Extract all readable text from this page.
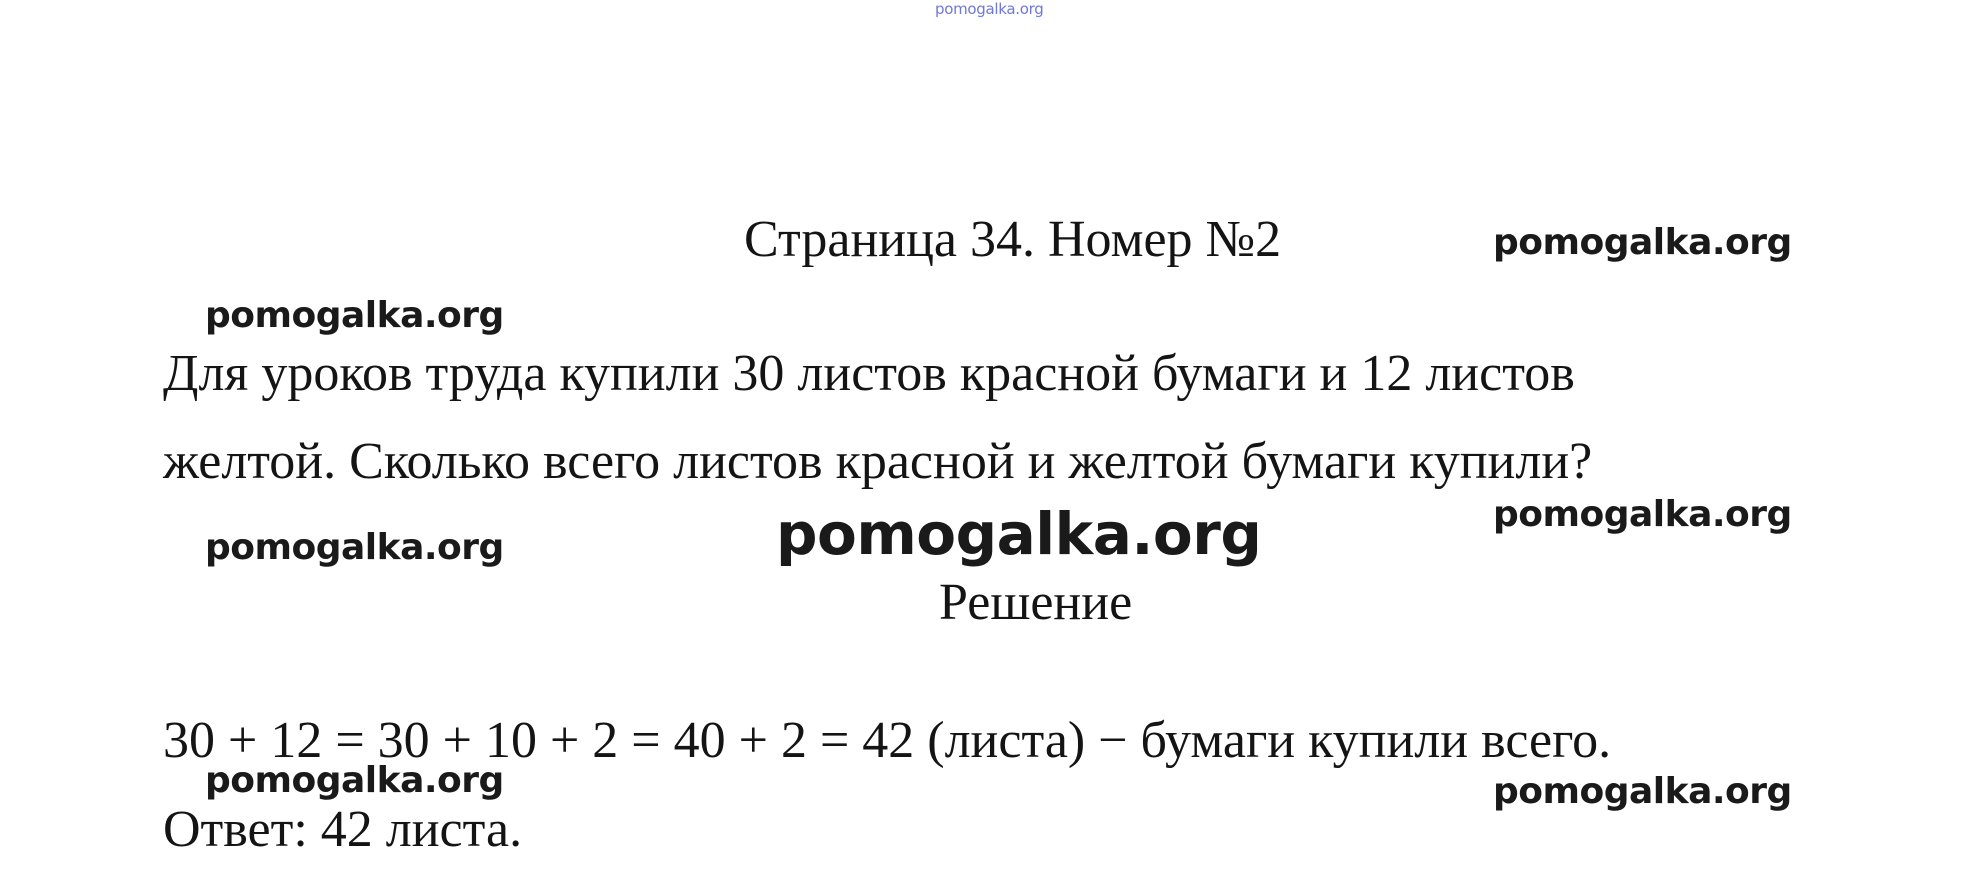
pomogalka.org
Страница 34. Номер №2	pomogalka.org
pomogalka.org

Для уроков труда купили 30 листов красной бумаги и 12 листов

желтой. Сколько всего листов красной и желтой бумаги купили?

pomogalka.org
pomogalka.org
pomogalka.org
Решение

30 + 12 = 30 + 10 + 2 = 40 + 2 = 42 (листа) − бумаги купили всего.

pomogalka.org	pomogalka.org

Ответ: 42 листа.
